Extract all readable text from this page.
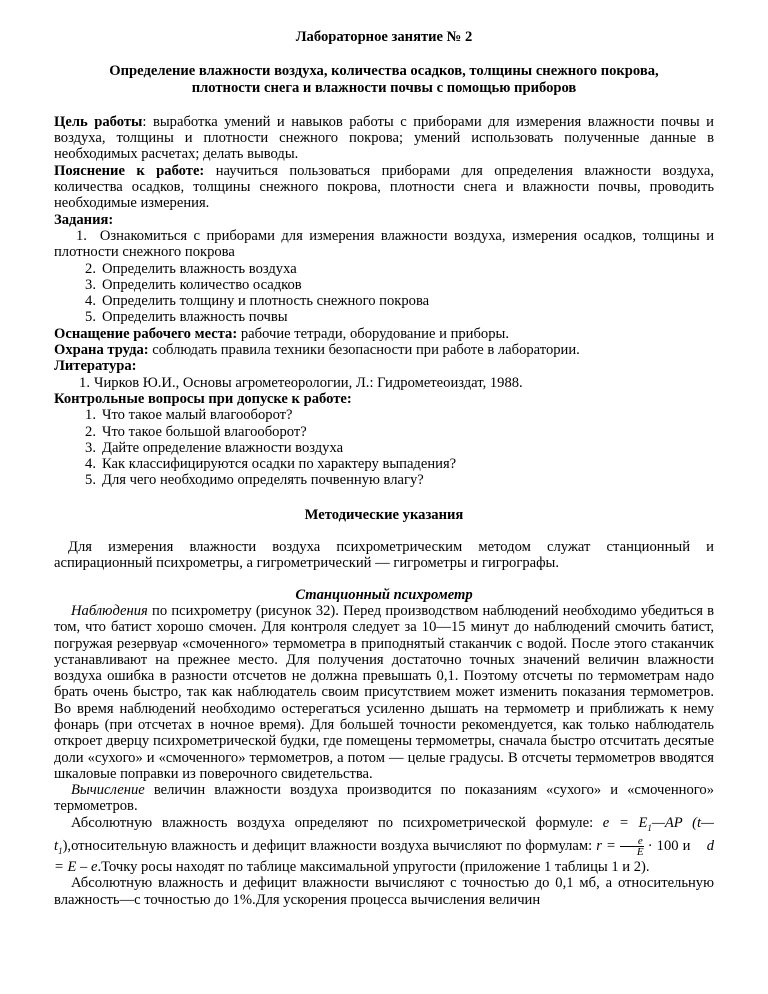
Лабораторное занятие № 2

Определение влажности воздуха, количества осадков, толщины снежного покрова,

плотности снега и влажности почвы с помощью приборов

Цель работы: выработка умений и навыков работы с приборами для измерения влажности почвы и воздуха, толщины и плотности снежного покрова; умений использовать полученные данные в необходимых расчетах; делать выводы.

Пояснение к работе: научиться пользоваться приборами для определения влажности воздуха, количества осадков, толщины снежного покрова, плотности снега и влажности почвы, проводить необходимые измерения.

Задания:

1. Ознакомиться с приборами для измерения влажности воздуха, измерения осадков, толщины и плотности снежного покрова

2. Определить влажность воздуха

3. Определить количество осадков

4. Определить толщину и плотность снежного покрова

5. Определить влажность почвы

Оснащение рабочего места: рабочие тетради, оборудование и приборы.

Охрана труда: соблюдать правила техники безопасности при работе в лаборатории.

Литература:

1. Чирков Ю.И., Основы агрометеорологии, Л.: Гидрометеоиздат, 1988.

Контрольные вопросы при допуске к работе:

1. Что такое малый влагооборот?

2. Что такое большой влагооборот?

3. Дайте определение влажности воздуха

4. Как классифицируются осадки по характеру выпадения?

5. Для чего необходимо определять почвенную влагу?

Методические указания

Для измерения влажности воздуха психрометрическим методом служат станционный и аспирационный психрометры, а гигрометрический — гигрометры и гигрографы.

Станционный психрометр

Наблюдения по психрометру (рисунок 32). Перед производством наблюдений необходимо убедиться в том, что батист хорошо смочен. Для контроля следует за 10—15 минут до наблюдений смочить батист, погружая резервуар «смоченного» термометра в приподнятый стаканчик с водой. После этого стаканчик устанавливают на прежнее место. Для получения достаточно точных значений величин влажности воздуха ошибка в разности отсчетов не должна превышать 0,1. Поэтому отсчеты по термометрам надо брать очень быстро, так как наблюдатель своим присутствием может изменить показания термометров. Во время наблюдений необходимо остерегаться усиленно дышать на термометр и приближать к нему фонарь (при отсчетах в ночное время). Для большей точности рекомендуется, как только наблюдатель откроет дверцу психрометрической будки, где помещены термометры, сначала быстро отсчитать десятые доли «сухого» и «смоченного» термометров, а потом — целые градусы. В отсчеты термометров вводятся шкаловые поправки из поверочного свидетельства.

Вычисление величин влажности воздуха производится по показаниям «сухого» и «смоченного» термометров.

Абсолютную влажность воздуха определяют по психрометрической формуле: $e = E_1—AP$ $(t—t_1),относительную$ влажность и дефицит влажности воздуха вычисляют по формулам: $r = \frac{e}{E} \cdot 100$ и    d = E – e.Точку росы находят по таблице максимальной упругости (приложение 1 таблицы 1 и 2).

Абсолютную влажность и дефицит влажности вычисляют с точностью до 0,1 мб, а относительную влажность—с точностью до 1%.Для ускорения процесса вычисления величин
